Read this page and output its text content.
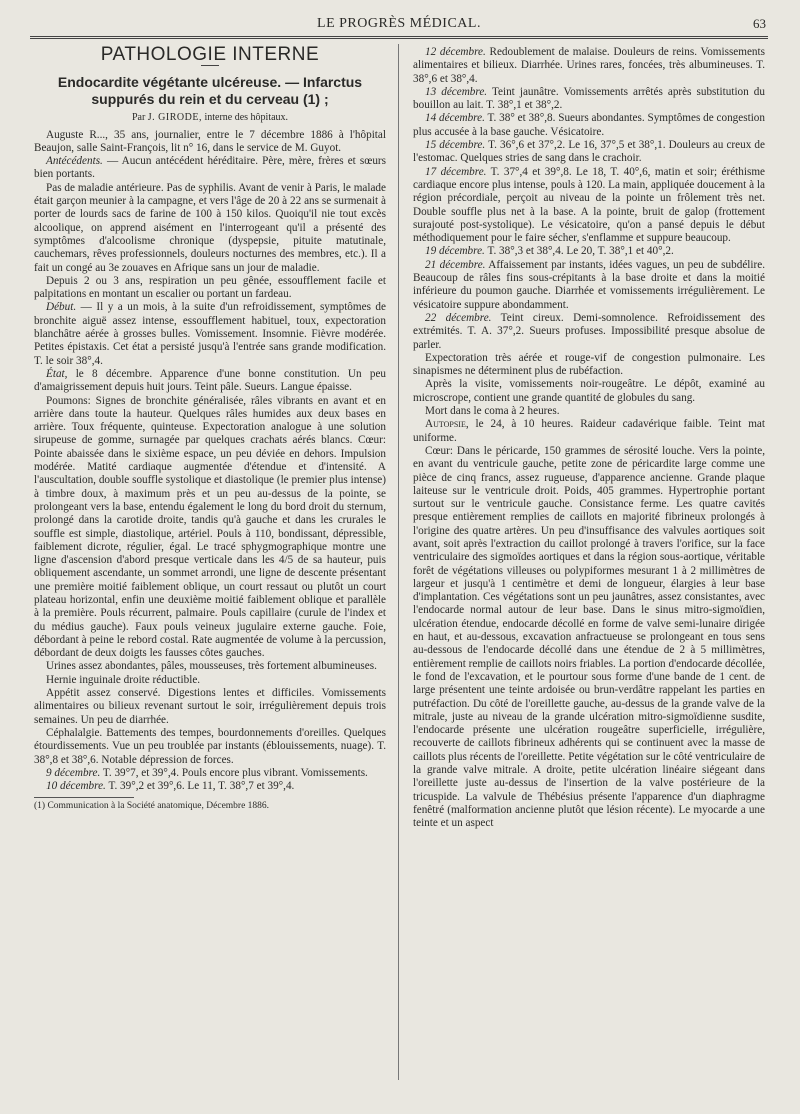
LE PROGRÈS MÉDICAL.	63
PATHOLOGIE INTERNE
Endocardite végétante ulcéreuse. — Infarctus suppurés du rein et du cerveau (1) ;
Par J. GIRODE, interne des hôpitaux.

Auguste R..., 35 ans, journalier, entre le 7 décembre 1886 à l'hôpital Beaujon, salle Saint-François, lit n° 16, dans le service de M. Guyot.

Antécédents. — Aucun antécédent héréditaire. Père, mère, frères et sœurs bien portants.

Pas de maladie antérieure. Pas de syphilis. Avant de venir à Paris, le malade était garçon meunier à la campagne, et vers l'âge de 20 à 22 ans se surmenait à porter de lourds sacs de farine de 100 à 150 kilos. Quoiqu'il nie tout excès alcoolique, on apprend aisément en l'interrogeant qu'il a présenté des symptômes d'alcoolisme chronique (dyspepsie, pituite matutinale, cauchemars, rêves professionnels, douleurs nocturnes des membres, etc.). Il a fait un congé au 3e zouaves en Afrique sans un jour de maladie.

Depuis 2 ou 3 ans, respiration un peu gênée, essoufflement facile et palpitations en montant un escalier ou portant un fardeau.

Début. — Il y a un mois, à la suite d'un refroidissement, symptômes de bronchite aiguë assez intense, essoufflement habituel, toux, expectoration blanchâtre aérée à grosses bulles. Vomissement. Insomnie. Fièvre modérée. Petites épistaxis. Cet état a persisté jusqu'à l'entrée sans grande modification. T. le soir 38°,4.

État, le 8 décembre. Apparence d'une bonne constitution. Un peu d'amaigrissement depuis huit jours. Teint pâle. Sueurs. Langue épaisse.

Poumons: Signes de bronchite généralisée, râles vibrants en avant et en arrière dans toute la hauteur. Quelques râles humides aux deux bases en arrière. Toux fréquente, quinteuse. Expectoration analogue à une solution sirupeuse de gomme, surnagée par quelques crachats aérés blancs. Cœur: Pointe abaissée dans le sixième espace, un peu déviée en dehors. Impulsion modérée. Matité cardiaque augmentée d'étendue et d'intensité. A l'auscultation, double souffle systolique et diastolique (le premier plus intense) à timbre doux, à maximum près et un peu au-dessus de la pointe, se prolongeant vers la base, entendu également le long du bord droit du sternum, prolongé dans la carotide droite, tandis qu'à gauche et dans les crurales le souffle est simple, diastolique, artériel. Pouls à 110, bondissant, dépressible, faiblement dicrote, régulier, égal. Le tracé sphygmographique montre une ligne d'ascension d'abord presque verticale dans les 4/5 de sa hauteur, puis obliquement ascendante, un sommet arrondi, une ligne de descente présentant une première moitié faiblement oblique, un court ressaut ou plutôt un court plateau horizontal, enfin une deuxième moitié faiblement oblique et parallèle à la première. Pouls récurrent, palmaire. Pouls capillaire (curule de l'index et du médius gauche). Faux pouls veineux jugulaire externe gauche. Foie, débordant à peine le rebord costal. Rate augmentée de volume à la percussion, débordant de deux doigts les fausses côtes gauches.

Urines assez abondantes, pâles, mousseuses, très fortement albumineuses.

Hernie inguinale droite réductible.

Appétit assez conservé. Digestions lentes et difficiles. Vomissements alimentaires ou bilieux revenant surtout le soir, irrégulièrement depuis trois semaines. Un peu de diarrhée.

Céphalalgie. Battements des tempes, bourdonnements d'oreilles. Quelques étourdissements. Vue un peu troublée par instants (éblouissements, nuage). T. 38°,8 et 38°,6. Notable dépression de forces.

9 décembre. T. 39°7, et 39°,4. Pouls encore plus vibrant. Vomissements.

10 décembre. T. 39°,2 et 39°,6. Le 11, T. 38°,7 et 39°,4.

(1) Communication à la Société anatomique, Décembre 1886.

12 décembre. Redoublement de malaise. Douleurs de reins. Vomissements alimentaires et bilieux. Diarrhée. Urines rares, foncées, très albumineuses. T. 38°,6 et 38°,4.

13 décembre. Teint jaunâtre. Vomissements arrêtés après substitution du bouillon au lait. T. 38°,1 et 38°,2.

14 décembre. T. 38° et 38°,8. Sueurs abondantes. Symptômes de congestion plus accusée à la base gauche. Vésicatoire.

15 décembre. T. 36°,6 et 37°,2. Le 16, 37°,5 et 38°,1. Douleurs au creux de l'estomac. Quelques stries de sang dans le crachoir.

17 décembre. T. 37°,4 et 39°,8. Le 18, T. 40°,6, matin et soir; éréthisme cardiaque encore plus intense, pouls à 120. La main, appliquée doucement à la région précordiale, perçoit au niveau de la pointe un frôlement très net. Double souffle plus net à la base. A la pointe, bruit de galop (frottement surajouté post-systolique). Le vésicatoire, qu'on a pansé depuis le début méthodiquement pour le faire sécher, s'enflamme et suppure beaucoup.

19 décembre. T. 38°,3 et 38°,4. Le 20, T. 38°,1 et 40°,2.

21 décembre. Affaissement par instants, idées vagues, un peu de subdélire. Beaucoup de râles fins sous-crépitants à la base droite et dans la moitié inférieure du poumon gauche. Diarrhée et vomissements irrégulièrement. Le vésicatoire suppure abondamment.

22 décembre. Teint cireux. Demi-somnolence. Refroidissement des extrémités. T. A. 37°,2. Sueurs profuses. Impossibilité presque absolue de parler.

Expectoration très aérée et rouge-vif de congestion pulmonaire. Les sinapismes ne déterminent plus de rubéfaction.

Après la visite, vomissements noir-rougeâtre. Le dépôt, examiné au microscrope, contient une grande quantité de globules du sang.

Mort dans le coma à 2 heures.

Autopsie, le 24, à 10 heures. Raideur cadavérique faible. Teint mat uniforme.

Cœur: Dans le péricarde, 150 grammes de sérosité louche. Vers la pointe, en avant du ventricule gauche, petite zone de péricardite large comme une pièce de cinq francs, assez rugueuse, d'apparence ancienne. Grande plaque laiteuse sur le ventricule droit. Poids, 405 grammes. Hypertrophie portant surtout sur le ventricule gauche. Consistance ferme. Les quatre cavités presque entièrement remplies de caillots en majorité fibrineux prolongés à l'origine des quatre artères. Un peu d'insuffisance des valvules aortiques soit avant, soit après l'extraction du caillot prolongé à travers l'orifice, sur la face ventriculaire des sigmoïdes aortiques et dans la région sous-aortique, véritable forêt de végétations villeuses ou polypiformes mesurant 1 à 2 millimètres de largeur et jusqu'à 1 centimètre et demi de longueur, élargies à leur base d'implantation. Ces végétations sont un peu jaunâtres, assez consistantes, avec l'endocarde normal autour de leur base. Dans le sinus mitro-sigmoïdien, ulcération étendue, endocarde décollé en forme de valve semi-lunaire dirigée en haut, et au-dessous, excavation anfractueuse se prolongeant en tous sens au-dessous de l'endocarde décollé dans une étendue de 2 à 5 millimètres, entièrement remplie de caillots noirs friables. La portion d'endocarde décollée, le fond de l'excavation, et le pourtour sous forme d'une bande de 1 cent. de large présentent une teinte ardoisée ou brun-verdâtre rappelant les parties en putréfaction. Du côté de l'oreillette gauche, au-dessus de la grande valve de la mitrale, juste au niveau de la grande ulcération mitro-sigmoïdienne susdite, l'endocarde présente une ulcération rougeâtre superficielle, irrégulière, recouverte de caillots fibrineux adhérents qui se continuent avec la masse de caillots plus récents de l'oreillette. Petite végétation sur le côté ventriculaire de la grande valve mitrale. A droite, petite ulcération linéaire siégeant dans l'oreillette juste au-dessus de l'insertion de la valve postérieure de la tricuspide. La valvule de Thébésius présente l'apparence d'un diaphragme fenêtré (malformation ancienne plutôt que lésion récente). Le myocarde a une teinte et un aspect
